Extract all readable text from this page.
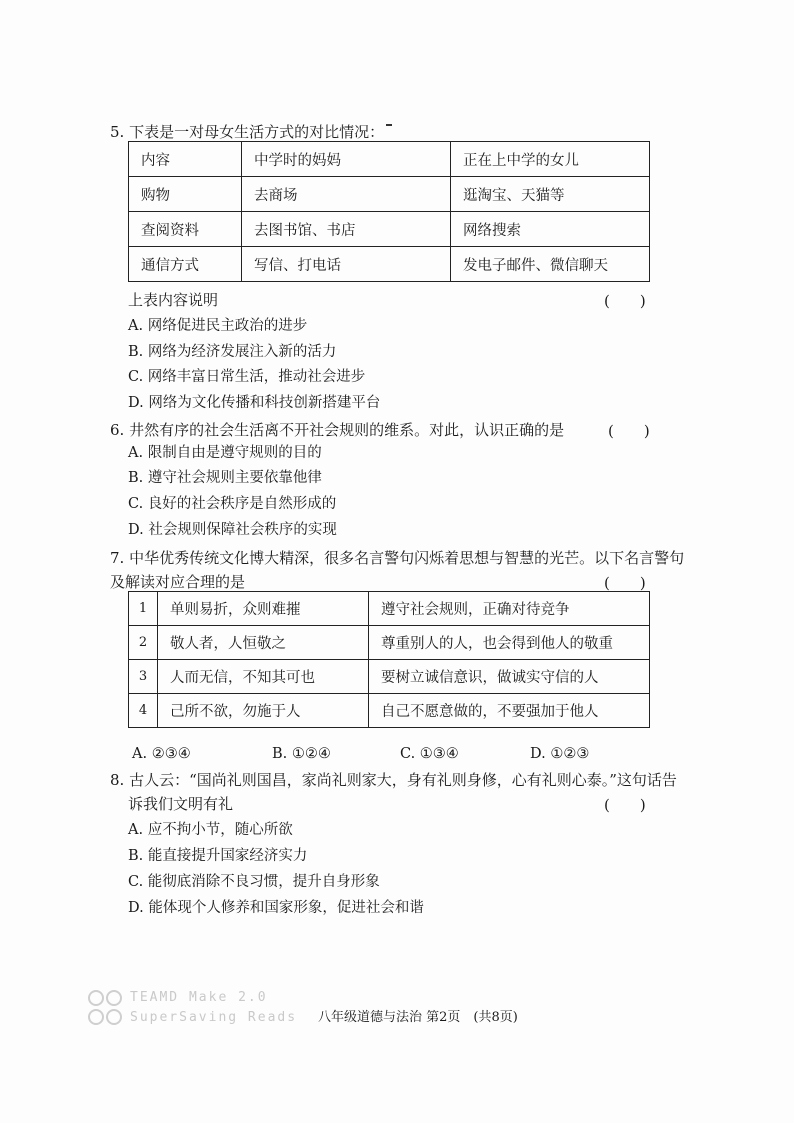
5. 下表是一对母女生活方式的对比情况：
内容	中学时的妈妈	正在上中学的女儿
购物	去商场	逛淘宝、天猫等
查阅资料	去图书馆、书店	网络搜索
通信方式	写信、打电话	发电子邮件、微信聊天
上表内容说明	(　　)
A. 网络促进民主政治的进步
B. 网络为经济发展注入新的活力
C. 网络丰富日常生活，推动社会进步
D. 网络为文化传播和科技创新搭建平台
6. 井然有序的社会生活离不开社会规则的维系。对此，认识正确的是	(　　)
A. 限制自由是遵守规则的目的
B. 遵守社会规则主要依靠他律
C. 良好的社会秩序是自然形成的
D. 社会规则保障社会秩序的实现
7. 中华优秀传统文化博大精深，很多名言警句闪烁着思想与智慧的光芒。以下名言警句
及解读对应合理的是	(　　)
1	单则易折，众则难摧	遵守社会规则，正确对待竞争
2	敬人者，人恒敬之	尊重别人的人，也会得到他人的敬重
3	人而无信，不知其可也	要树立诚信意识，做诚实守信的人
4	己所不欲，勿施于人	自己不愿意做的，不要强加于他人
A. ②③④	B. ①②④	C. ①③④	D. ①②③
8. 古人云：“国尚礼则国昌，家尚礼则家大，身有礼则身修，心有礼则心泰。”这句话告
诉我们文明有礼	(　　)
A. 应不拘小节，随心所欲
B. 能直接提升国家经济实力
C. 能彻底消除不良习惯，提升自身形象
D. 能体现个人修养和国家形象，促进社会和谐
TEAMD Make 2.0
SuperSaving Reads 八年级道德与法治 第2页　(共8页)
